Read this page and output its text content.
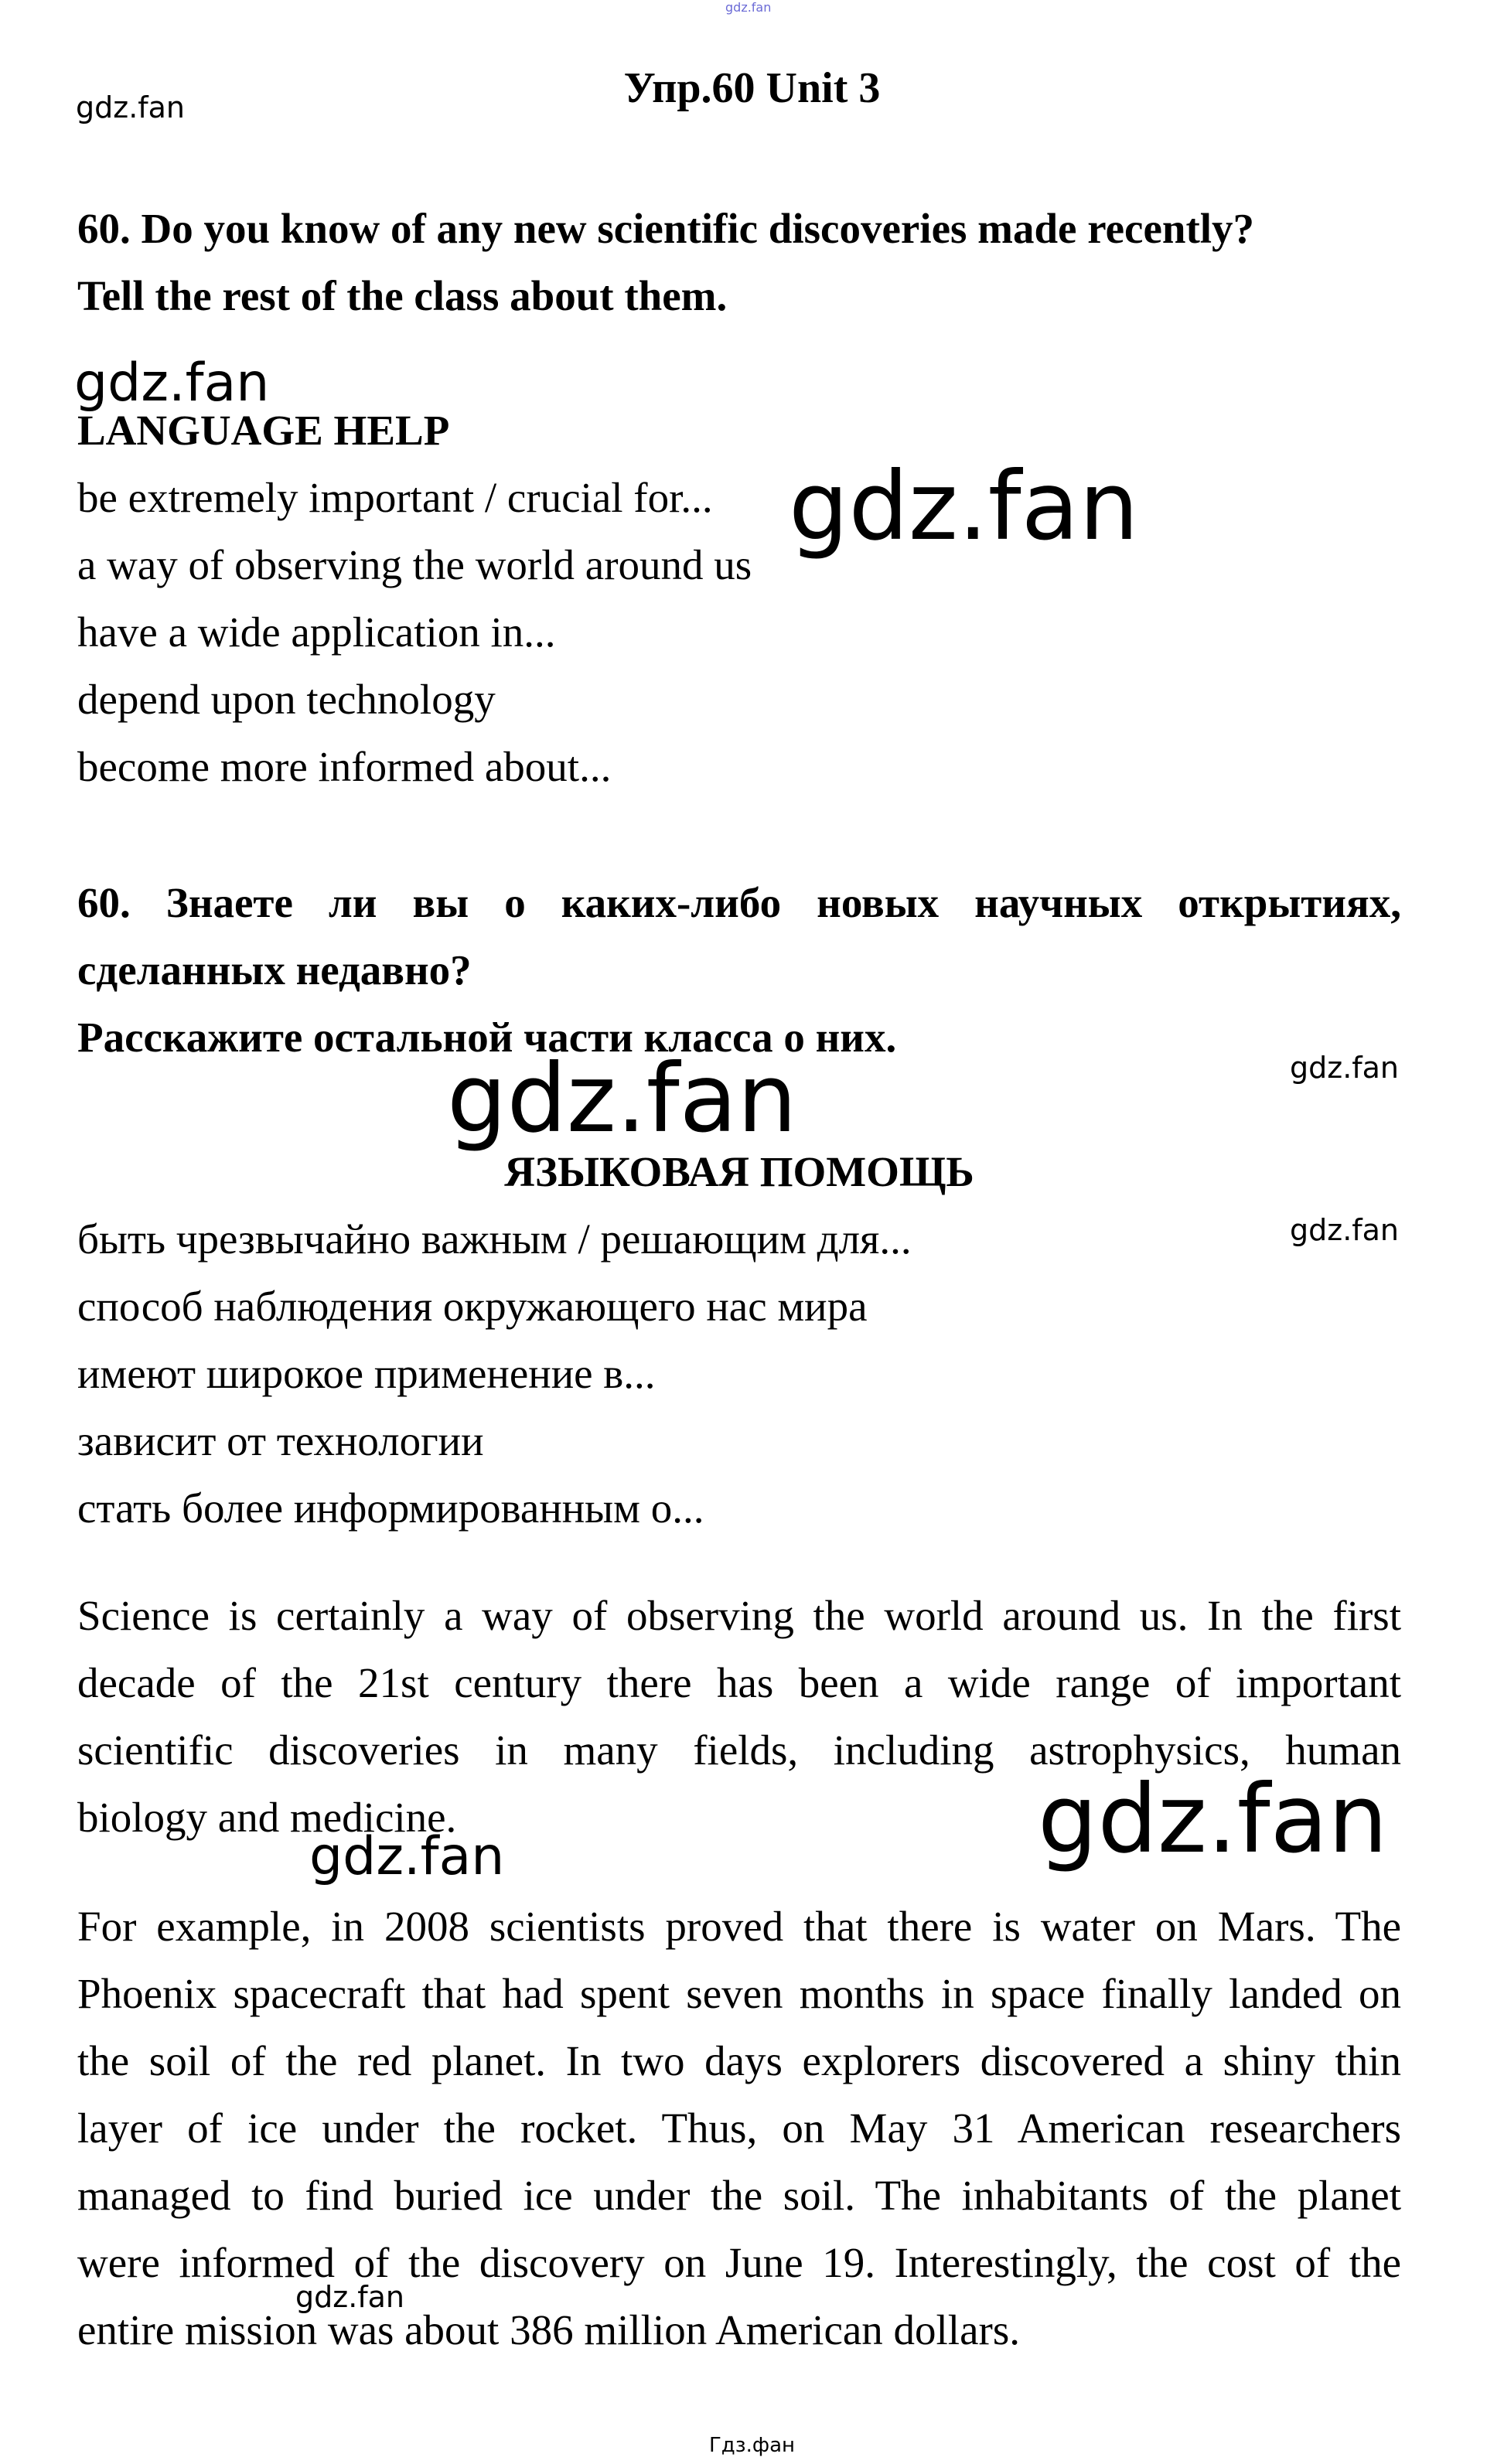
gdz.fan
gdz.fan	Упр.60 Unit 3
60. Do you know of any new scientific discoveries made recently?
Tell the rest of the class about them.
gdz.fan
LANGUAGE HELP
be extremely important / crucial for...
a way of observing the world around us
have a wide application in...
depend upon technology
become more informed about...
gdz.fan
60. Знаете ли вы о каких-либо новых научных открытиях,
сделанных недавно?
Расскажите остальной части класса о них.
gdz.fan
gdz.fan
ЯЗЫКОВАЯ ПОМОЩЬ
быть чрезвычайно важным / решающим для...
способ наблюдения окружающего нас мира
имеют широкое применение в...
зависит от технологии
стать более информированным о...
gdz.fan
Science is certainly a way of observing the world around us. In the first
decade of the 21st century there has been a wide range of important
scientific discoveries in many fields, including astrophysics, human
biology and medicine.	gdz.fan
gdz.fan
For example, in 2008 scientists proved that there is water on Mars. The
Phoenix spacecraft that had spent seven months in space finally landed on
the soil of the red planet. In two days explorers discovered a shiny thin
layer of ice under the rocket. Thus, on May 31 American researchers
managed to find buried ice under the soil. The inhabitants of the planet
were informed of the discovery on June 19. Interestingly, the cost of the
entire mission was about 386 million American dollars.
gdz.fan
Гдз.фан
